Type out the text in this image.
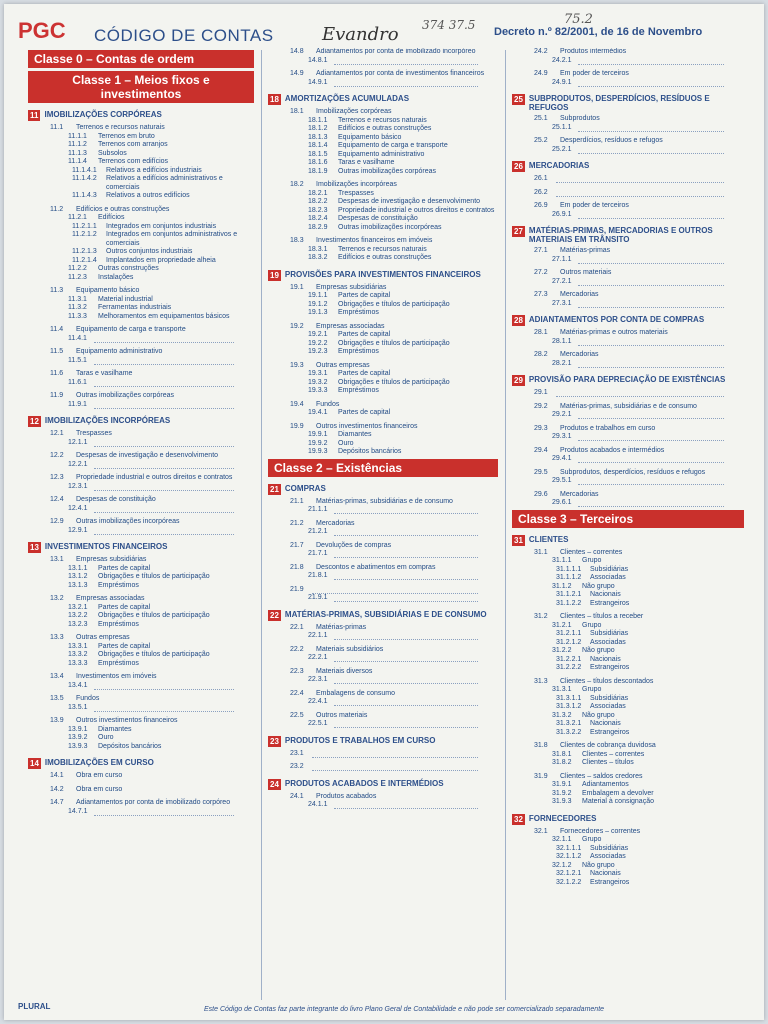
PGC CÓDIGO DE CONTAS	Evandro 374 37.5	75.2
Decreto n.º 82/2001, de 16 de Novembro
Classe 0 – Contas de ordem
Classe 1 – Meios fixos e investimentos
11 IMOBILIZAÇÕES CORPÓREAS
11.1	Terrenos e recursos naturais
11.1.1	Terrenos em bruto
11.1.2	Terrenos com arranjos
11.1.3	Subsolos
11.1.4	Terrenos com edifícios
11.1.4.1	Relativos a edifícios industriais
11.1.4.2	Relativos a edifícios administrativos e comerciais
11.1.4.3	Relativos a outros edifícios
11.2	Edifícios e outras construções
11.2.1	Edifícios
11.2.1.1	Integrados em conjuntos industriais
11.2.1.2	Integrados em conjuntos administrativos e comerciais
11.2.1.3	Outros conjuntos industriais
11.2.1.4	Implantados em propriedade alheia
11.2.2	Outras construções
11.2.3	Instalações
11.3	Equipamento básico
11.3.1	Material industrial
11.3.2	Ferramentas industriais
11.3.3	Melhoramentos em equipamentos básicos
11.4	Equipamento de carga e transporte
11.4.1
11.5	Equipamento administrativo
11.5.1
11.6	Taras e vasilhame
11.6.1
11.9	Outras imobilizações corpóreas
11.9.1
12 IMOBILIZAÇÕES INCORPÓREAS
12.1	Trespasses
12.1.1
12.2	Despesas de investigação e desenvolvimento
12.2.1
12.3	Propriedade industrial e outros direitos e contratos
12.3.1
12.4	Despesas de constituição
12.4.1
12.9	Outras imobilizações incorpóreas
12.9.1
13 INVESTIMENTOS FINANCEIROS
13.1	Empresas subsidiárias
13.1.1	Partes de capital
13.1.2	Obrigações e títulos de participação
13.1.3	Empréstimos
13.2	Empresas associadas
13.2.1	Partes de capital
13.2.2	Obrigações e títulos de participação
13.2.3	Empréstimos
13.3	Outras empresas
13.3.1	Partes de capital
13.3.2	Obrigações e títulos de participação
13.3.3	Empréstimos
13.4	Investimentos em imóveis
13.4.1
13.5	Fundos
13.5.1
13.9	Outros investimentos financeiros
13.9.1	Diamantes
13.9.2	Ouro
13.9.3	Depósitos bancários
14 IMOBILIZAÇÕES EM CURSO
14.1	Obra em curso
14.2	Obra em curso
14.7	Adiantamentos por conta de imobilizado corpóreo
14.7.1
14.8	Adiantamentos por conta de imobilizado incorpóreo
14.8.1
14.9	Adiantamentos por conta de investimentos financeiros
14.9.1
18 AMORTIZAÇÕES ACUMULADAS
18.1	Imobilizações corpóreas
18.1.1	Terrenos e recursos naturais
18.1.2	Edifícios e outras construções
18.1.3	Equipamento básico
18.1.4	Equipamento de carga e transporte
18.1.5	Equipamento administrativo
18.1.6	Taras e vasilhame
18.1.9	Outras imobilizações corpóreas
18.2	Imobilizações incorpóreas
18.2.1	Trespasses
18.2.2	Despesas de investigação e desenvolvimento
18.2.3	Propriedade industrial e outros direitos e contratos
18.2.4	Despesas de constituição
18.2.9	Outras imobilizações incorpóreas
18.3	Investimentos financeiros em imóveis
18.3.1	Terrenos e recursos naturais
18.3.2	Edifícios e outras construções
19 PROVISÕES PARA INVESTIMENTOS FINANCEIROS
19.1	Empresas subsidiárias
19.1.1	Partes de capital
19.1.2	Obrigações e títulos de participação
19.1.3	Empréstimos
19.2	Empresas associadas
19.2.1	Partes de capital
19.2.2	Obrigações e títulos de participação
19.2.3	Empréstimos
19.3	Outras empresas
19.3.1	Partes de capital
19.3.2	Obrigações e títulos de participação
19.3.3	Empréstimos
19.4	Fundos
19.4.1	Partes de capital
19.9	Outros investimentos financeiros
19.9.1	Diamantes
19.9.2	Ouro
19.9.3	Depósitos bancários
Classe 2 – Existências
21 COMPRAS
21.1	Matérias-primas, subsidiárias e de consumo
21.1.1
21.2	Mercadorias
21.2.1
21.7	Devoluções de compras
21.7.1
21.8	Descontos e abatimentos em compras
21.8.1
21.9
21.9.1
22 MATÉRIAS-PRIMAS, SUBSIDIÁRIAS E DE CONSUMO
22.1	Matérias-primas
22.1.1
22.2	Materiais subsidiários
22.2.1
22.3	Materiais diversos
22.3.1
22.4	Embalagens de consumo
22.4.1
22.5	Outros materiais
22.5.1
23 PRODUTOS E TRABALHOS EM CURSO
23.1
23.2
24 PRODUTOS ACABADOS E INTERMÉDIOS
24.1	Produtos acabados
24.1.1
24.2	Produtos intermédios
24.2.1
24.9	Em poder de terceiros
24.9.1
25 SUBPRODUTOS, DESPERDÍCIOS, RESÍDUOS E REFUGOS
25.1	Subprodutos
25.1.1
25.2	Desperdícios, resíduos e refugos
25.2.1
26 MERCADORIAS
26.1
26.2
26.9	Em poder de terceiros
26.9.1
27 MATÉRIAS-PRIMAS, MERCADORIAS E OUTROS MATERIAIS EM TRÂNSITO
27.1	Matérias-primas
27.1.1
27.2	Outros materiais
27.2.1
27.3	Mercadorias
27.3.1
28 ADIANTAMENTOS POR CONTA DE COMPRAS
28.1	Matérias-primas e outros materiais
28.1.1
28.2	Mercadorias
28.2.1
29 PROVISÃO PARA DEPRECIAÇÃO DE EXISTÊNCIAS
29.1
29.2	Matérias-primas, subsidiárias e de consumo
29.2.1
29.3	Produtos e trabalhos em curso
29.3.1
29.4	Produtos acabados e intermédios
29.4.1
29.5	Subprodutos, desperdícios, resíduos e refugos
29.5.1
29.6	Mercadorias
29.6.1
Classe 3 – Terceiros
31 CLIENTES
31.1	Clientes – correntes
31.1.1	Grupo
31.1.1.1	Subsidiárias
31.1.1.2	Associadas
31.1.2	Não grupo
31.1.2.1	Nacionais
31.1.2.2	Estrangeiros
31.2	Clientes – títulos a receber
31.2.1	Grupo
31.2.1.1	Subsidiárias
31.2.1.2	Associadas
31.2.2	Não grupo
31.2.2.1	Nacionais
31.2.2.2	Estrangeiros
31.3	Clientes – títulos descontados
31.3.1	Grupo
31.3.1.1	Subsidiárias
31.3.1.2	Associadas
31.3.2	Não grupo
31.3.2.1	Nacionais
31.3.2.2	Estrangeiros
31.8	Clientes de cobrança duvidosa
31.8.1	Clientes – correntes
31.8.2	Clientes – títulos
31.9	Clientes – saldos credores
31.9.1	Adiantamentos
31.9.2	Embalagem a devolver
31.9.3	Material à consignação
32 FORNECEDORES
32.1	Fornecedores – correntes
32.1.1	Grupo
32.1.1.1	Subsidiárias
32.1.1.2	Associadas
32.1.2	Não grupo
32.1.2.1	Nacionais
32.1.2.2	Estrangeiros
PLURAL	Este Código de Contas faz parte integrante do livro Plano Geral de Contabilidade e não pode ser comercializado separadamente
